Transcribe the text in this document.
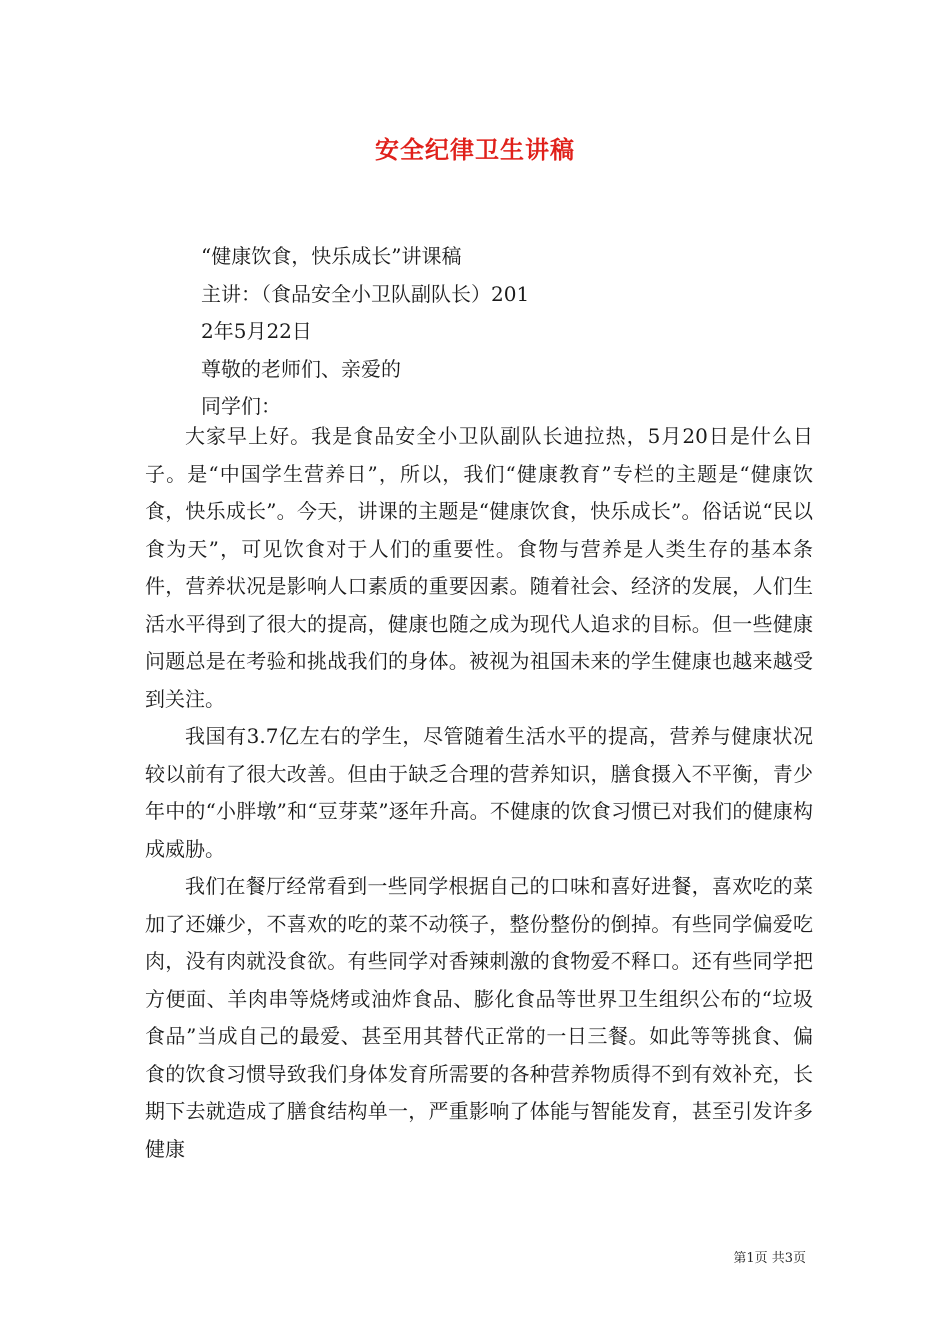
安全纪律卫生讲稿
“健康饮食，快乐成长”讲课稿
主讲：（食品安全小卫队副队长）201
2年5月22日
尊敬的老师们、亲爱的
同学们：

大家早上好。我是食品安全小卫队副队长迪拉热，5月20日是什么日子。是“中国学生营养日”，所以，我们“健康教育”专栏的主题是“健康饮食，快乐成长”。今天，讲课的主题是“健康饮食，快乐成长”。俗话说“民以食为天”，可见饮食对于人们的重要性。食物与营养是人类生存的基本条件，营养状况是影响人口素质的重要因素。随着社会、经济的发展，人们生活水平得到了很大的提高，健康也随之成为现代人追求的目标。但一些健康问题总是在考验和挑战我们的身体。被视为祖国未来的学生健康也越来越受到关注。

我国有3.7亿左右的学生，尽管随着生活水平的提高，营养与健康状况较以前有了很大改善。但由于缺乏合理的营养知识，膳食摄入不平衡，青少年中的“小胖墩”和“豆芽菜”逐年升高。不健康的饮食习惯已对我们的健康构成威胁。

我们在餐厅经常看到一些同学根据自己的口味和喜好进餐，喜欢吃的菜加了还嫌少，不喜欢的吃的菜不动筷子，整份整份的倒掉。有些同学偏爱吃肉，没有肉就没食欲。有些同学对香辣刺激的食物爱不释口。还有些同学把方便面、羊肉串等烧烤或油炸食品、膨化食品等世界卫生组织公布的“垃圾食品”当成自己的最爱、甚至用其替代正常的一日三餐。如此等等挑食、偏食的饮食习惯导致我们身体发育所需要的各种营养物质得不到有效补充，长期下去就造成了膳食结构单一，严重影响了体能与智能发育，甚至引发许多健康

第1页 共3页
